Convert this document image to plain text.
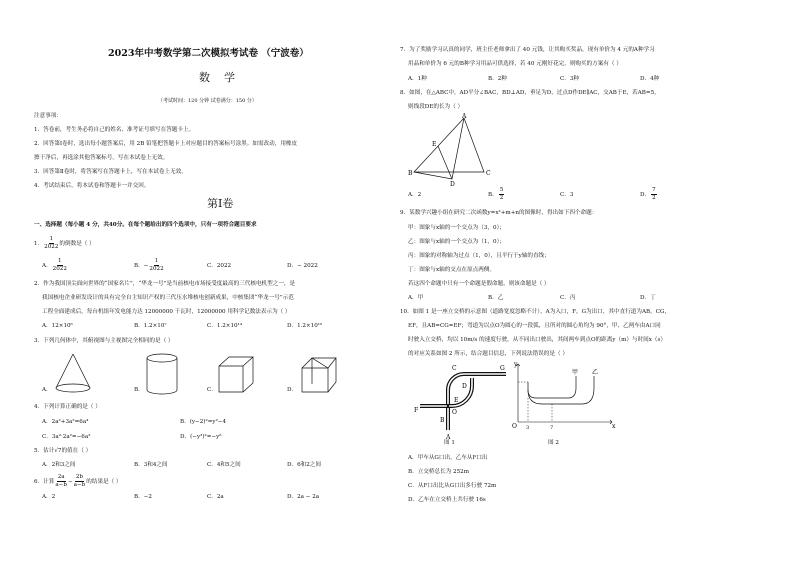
2023年中考数学第二次模拟考试卷 （宁波卷）
数学
（考试时间：120 分钟 试卷满分：150 分）
注意事项：
1．答卷前，考生务必将自己的姓名、准考证号填写在答题卡上。
2．回答第Ⅰ卷时，选出每小题答案后，用 2B 铅笔把答题卡上对应题目的答案标号涂黑。如需改动，用橡皮
擦干净后，再选涂其他答案标号。写在本试卷上无效。
3．回答第Ⅱ卷时，将答案写在答题卡上，写在本试卷上无效。
4．考试结束后，将本试卷和答题卡一并交回。
第Ⅰ卷
一、选择题（每小题 4 分，共40分。在每个题给出的四个选项中，只有一项符合题目要求
1． $\frac{1}{2022}$ 的倒数是（ ）
A． $\frac{1}{2022}$	B．− $\frac{1}{2022}$	C．2022	D．− 2022
2．作为我国顶尖面向世界的“国家名片”，“华龙一号”是当前核电市场接受度最高的三代核电机型之一，是
我国核电企业研发设计的具有完全自主知识产权的三代压水堆核电创新成果，中核集团“华龙一号”示范
工程全面建成后，每台机组年发电能力达 12000000 千瓦时，12000000 用科学记数法表示为（ ）
A．12×10⁶	B．1.2×10⁷	C．1.2×10¹⁴	D．1.2×10¹⁵
3．下列几何体中，其俯视图与主视图完全相同的是（ ）
A．	B．	C．	D．
4．下列计算正确的是（ ）
A．2a²+3a²=6a⁴	B．(y−2)²=y²−4
C．3a²·2a²=−6a²	D．(−y³)²=−y⁶
5．估计√7的值在（ ）
A．2和3之间	B．3和4之间	C．4和5之间	D．6和2之间
6．计算 $\frac{2a}{a-b} - \frac{2b}{a-b}$ 的结果是（ ）
A．2	B．−2	C．2a	D．2a − 2a
7．为了奖励学习认真的同学，班主任老师拿出了 40 元钱，让其购买奖品，现有单价为 4 元的A种学习
用品和单价为 6 元的B种学习用品可供选择，若 40 元刚好花完，则购买的方案有（ ）
A．1种	B．2种	C．3种	D．4种
8．如图，在△ABC中，AD平分∠BAC，BD⊥AD，垂足为D，过点D作DE∥AC，交AB于E，若AB=5，
则线段DE的长为（ ）
A
B	C
D
E
A．2	B． $\frac{5}{2}$	C．3	D． $\frac{7}{2}$
9．某数学兴趣小组在研究二次函数y=x²+m+n的图像时，得出如下四个命题：
甲：图象与x轴的一个交点为（3，0）；
乙：图象与x轴的一个交点为（1，0）；
丙：图象的对称轴为过点（1，0），且平行于y轴的直线；
丁：图象与x轴的交点在原点两侧。
若这四个命题中只有一个命题是假命题，则该命题是（ ）
A．甲	B．乙	C．丙	D．丁
10．如图 1 是一座立交桥的示意图（道路宽度忽略不计），A为入口，F，G为出口，其中直行道为AB，CG，
EF，且AB=CG=EF；弯道为以点O为圆心的一段弧，且所对的圆心角均为 90°，甲、乙两车由A口同
时驶入立交桥，均以 10m/s 的速度行驶，从不同出口驶出，其间两车到点O的距离y（m）与时间x（s）
的对应关系如图 2 所示，结合题目信息，下列说法错误的是（ ）
C	G
D
E
F	O
B
A
图 1
y
O	x
甲 乙
3	7
图 2
A．甲车从G口出，乙车从F口出
B．立交桥总长为 252m
C．从F口出比从G口出多行驶 72m
D．乙车在立交桥上共行驶 16s
